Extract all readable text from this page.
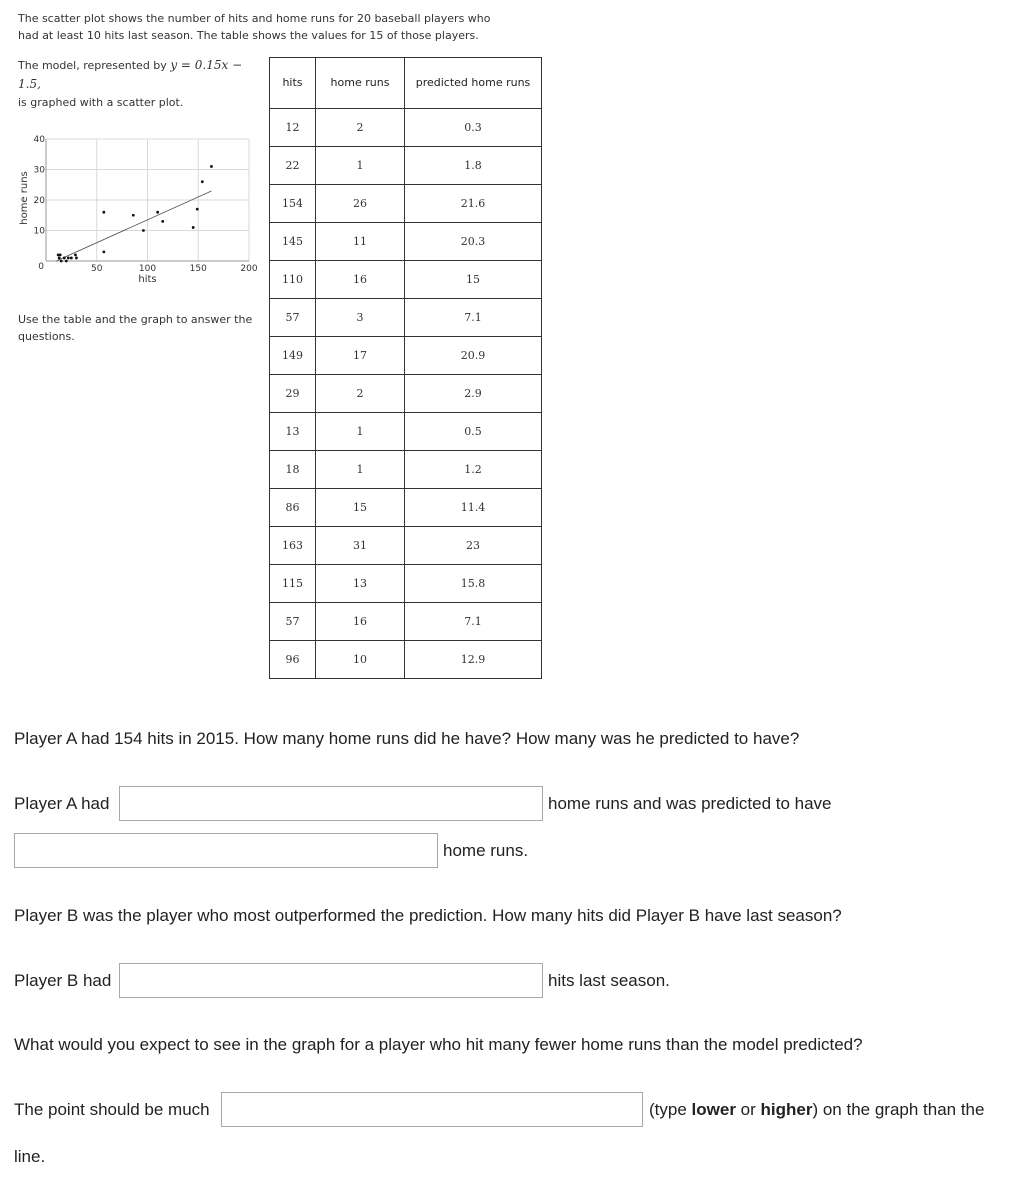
The scatter plot shows the number of hits and home runs for 20 baseball players who had at least 10 hits last season. The table shows the values for 15 of those players.
The model, represented by y = 0.15x − 1.5,
is graphed with a scatter plot.
50	100	150	200
0
10
20
30
40
hits
home runs
Use the table and the graph to answer the questions.
hits	home runs	predicted home runs
12	2	0.3
22	1	1.8
154	26	21.6
145	11	20.3
110	16	15
57	3	7.1
149	17	20.9
29	2	2.9
13	1	0.5
18	1	1.2
86	15	11.4
163	31	23
115	13	15.8
57	16	7.1
96	10	12.9
Player A had 154 hits in 2015. How many home runs did he have? How many was he predicted to have?
Player A had	home runs and was predicted to have
home runs.
Player B was the player who most outperformed the prediction. How many hits did Player B have last season?
Player B had	hits last season.
What would you expect to see in the graph for a player who hit many fewer home runs than the model predicted?
The point should be much	(type lower or higher) on the graph than the
line.
